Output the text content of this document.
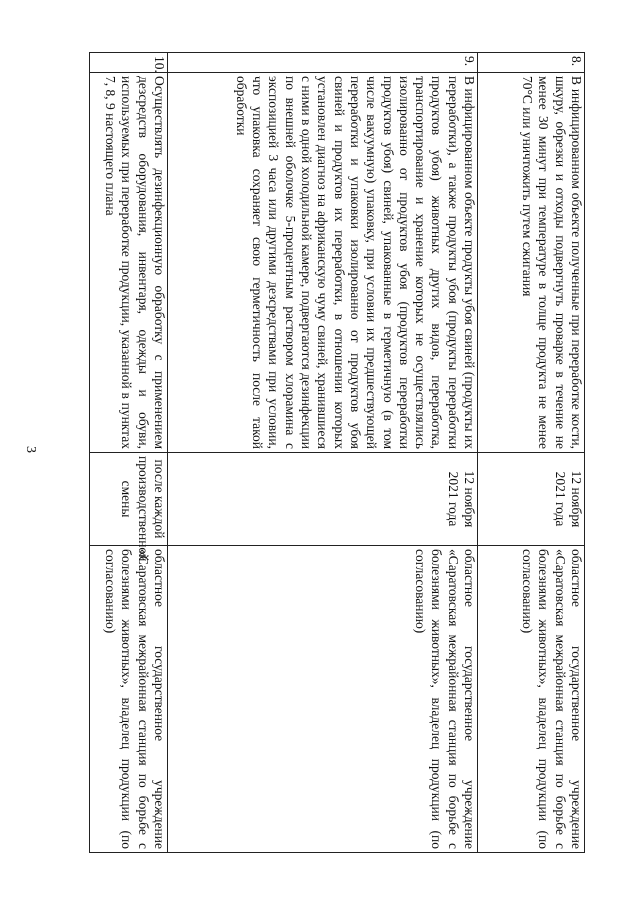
3
8.	В инфицированном объекте полученные при переработке кости, шкуру, обрезки и отходы подвергнуть проварке в течение не менее 30 минут при температуре в толще продукта не менее 70°С или уничтожить путем сжигания	12 ноября 2021 года	областное государственное учреждение «Саратовская межрайонная станция по борьбе с болезнями животных», владелец продукции (по согласованию)
9.	В инфицированном объекте продукты убоя свиней (продукты их переработки), а также продукты убоя (продукты переработки продуктов убоя) животных других видов, переработка, транспортирование и хранение которых не осуществлялись изолированно от продуктов убоя (продуктов переработки продуктов убоя) свиней, упакованные в герметичную (в том числе вакуумную) упаковку, при условии их предшествующей переработки и упаковки изолированно от продуктов убоя свиней и продуктов их переработки, в отношении которых установлен диагноз на африканскую чуму свиней, хранившиеся с ними в одной холодильной камере, подвергаются дезинфекции по внешней оболочке 5-процентным раствором хлорамина с экспозицией 3 часа или другими дезсредствами при условии, что упаковка сохраняет свою герметичность после такой обработки	12 ноября 2021 года	областное государственное учреждение «Саратовская межрайонная станция по борьбе с болезнями животных», владелец продукции (по согласованию)
10.	Осуществлять дезинфекционную обработку с применением дезсредств оборудования, инвентаря, одежды и обуви, используемых при переработке продукции, указанной в пунктах 7, 8, 9 настоящего плана	после каждой производственной смены	областное государственное учреждение «Саратовская межрайонная станция по борьбе с болезнями животных», владелец продукции (по согласованию)
